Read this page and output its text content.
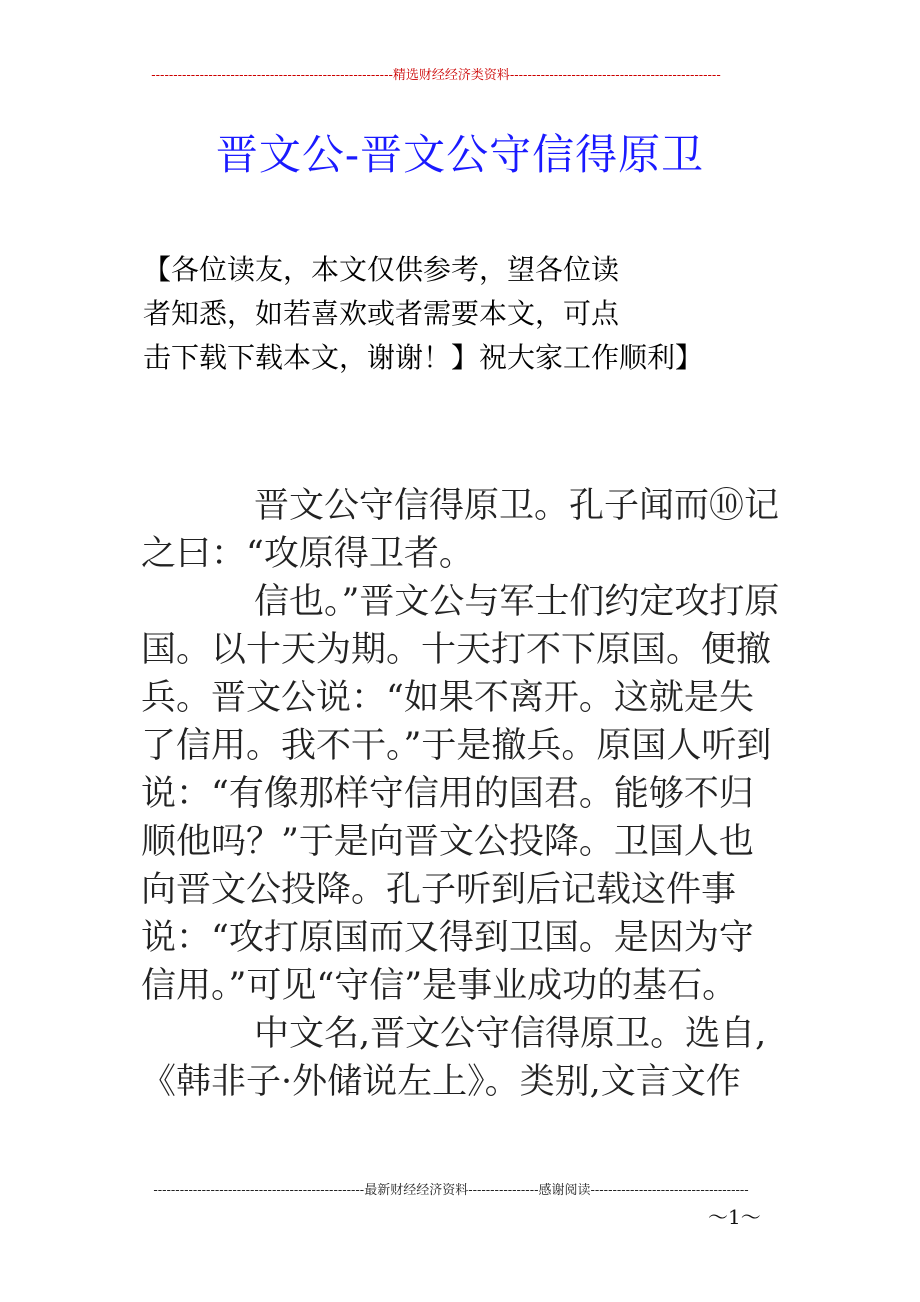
-------------------------------------------------------精选财经经济类资料------------------------------------------------
晋文公-晋文公守信得原卫
【各位读友，本文仅供参考，望各位读
者知悉，如若喜欢或者需要本文，可点
击下载下载本文，谢谢！】祝大家工作顺利】

晋文公守信得原卫。孔子闻而⑩记之曰：“攻原得卫者。

信也。”晋文公与军士们约定攻打原国。以十天为期。十天打不下原国。便撤兵。晋文公说：“如果不离开。这就是失了信用。我不干。”于是撤兵。原国人听到说：“有像那样守信用的国君。能够不归顺他吗？”于是向晋文公投降。卫国人也向晋文公投降。孔子听到后记载这件事说：“攻打原国而又得到卫国。是因为守信用。”可见“守信”是事业成功的基石。

中文名,晋文公守信得原卫。选自,《韩非子·外储说左上》。类别,文言文作

------------------------------------------------最新财经经济资料----------------感谢阅读------------------------------------
～1～
